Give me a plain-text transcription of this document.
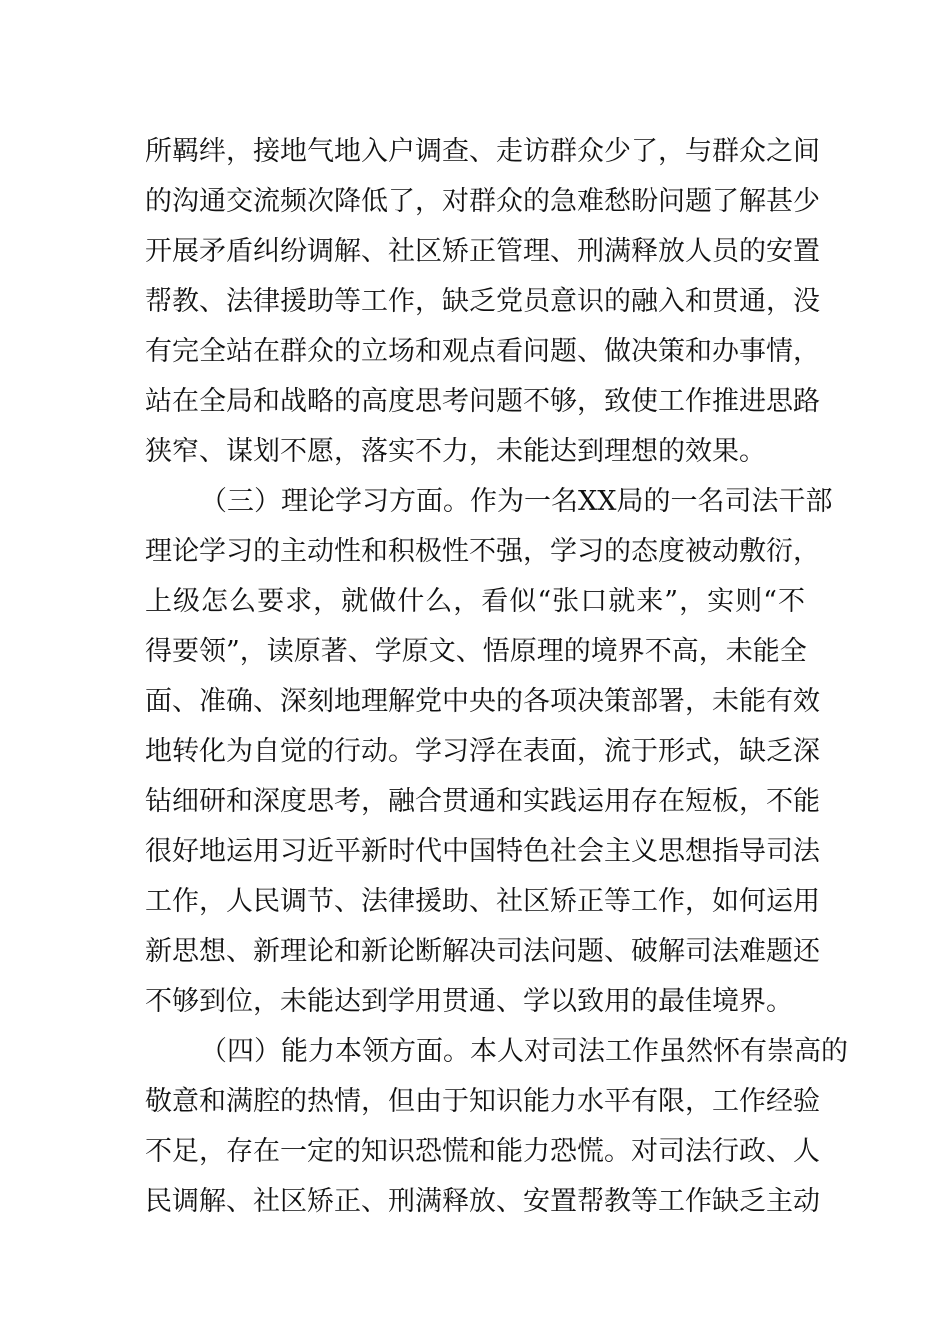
所羁绊，接地气地入户调查、走访群众少了，与群众之间
的沟通交流频次降低了，对群众的急难愁盼问题了解甚少
开展矛盾纠纷调解、社区矫正管理、刑满释放人员的安置
帮教、法律援助等工作，缺乏党员意识的融入和贯通，没
有完全站在群众的立场和观点看问题、做决策和办事情，
站在全局和战略的高度思考问题不够，致使工作推进思路
狭窄、谋划不愿，落实不力，未能达到理想的效果。
（三）理论学习方面。作为一名XX局的一名司法干部
理论学习的主动性和积极性不强，学习的态度被动敷衍，
上级怎么要求，就做什么，看似“张口就来”，实则“不
得要领”，读原著、学原文、悟原理的境界不高，未能全
面、准确、深刻地理解党中央的各项决策部署，未能有效
地转化为自觉的行动。学习浮在表面，流于形式，缺乏深
钻细研和深度思考，融合贯通和实践运用存在短板，不能
很好地运用习近平新时代中国特色社会主义思想指导司法
工作，人民调节、法律援助、社区矫正等工作，如何运用
新思想、新理论和新论断解决司法问题、破解司法难题还
不够到位，未能达到学用贯通、学以致用的最佳境界。
（四）能力本领方面。本人对司法工作虽然怀有崇高的
敬意和满腔的热情，但由于知识能力水平有限，工作经验
不足，存在一定的知识恐慌和能力恐慌。对司法行政、人
民调解、社区矫正、刑满释放、安置帮教等工作缺乏主动
